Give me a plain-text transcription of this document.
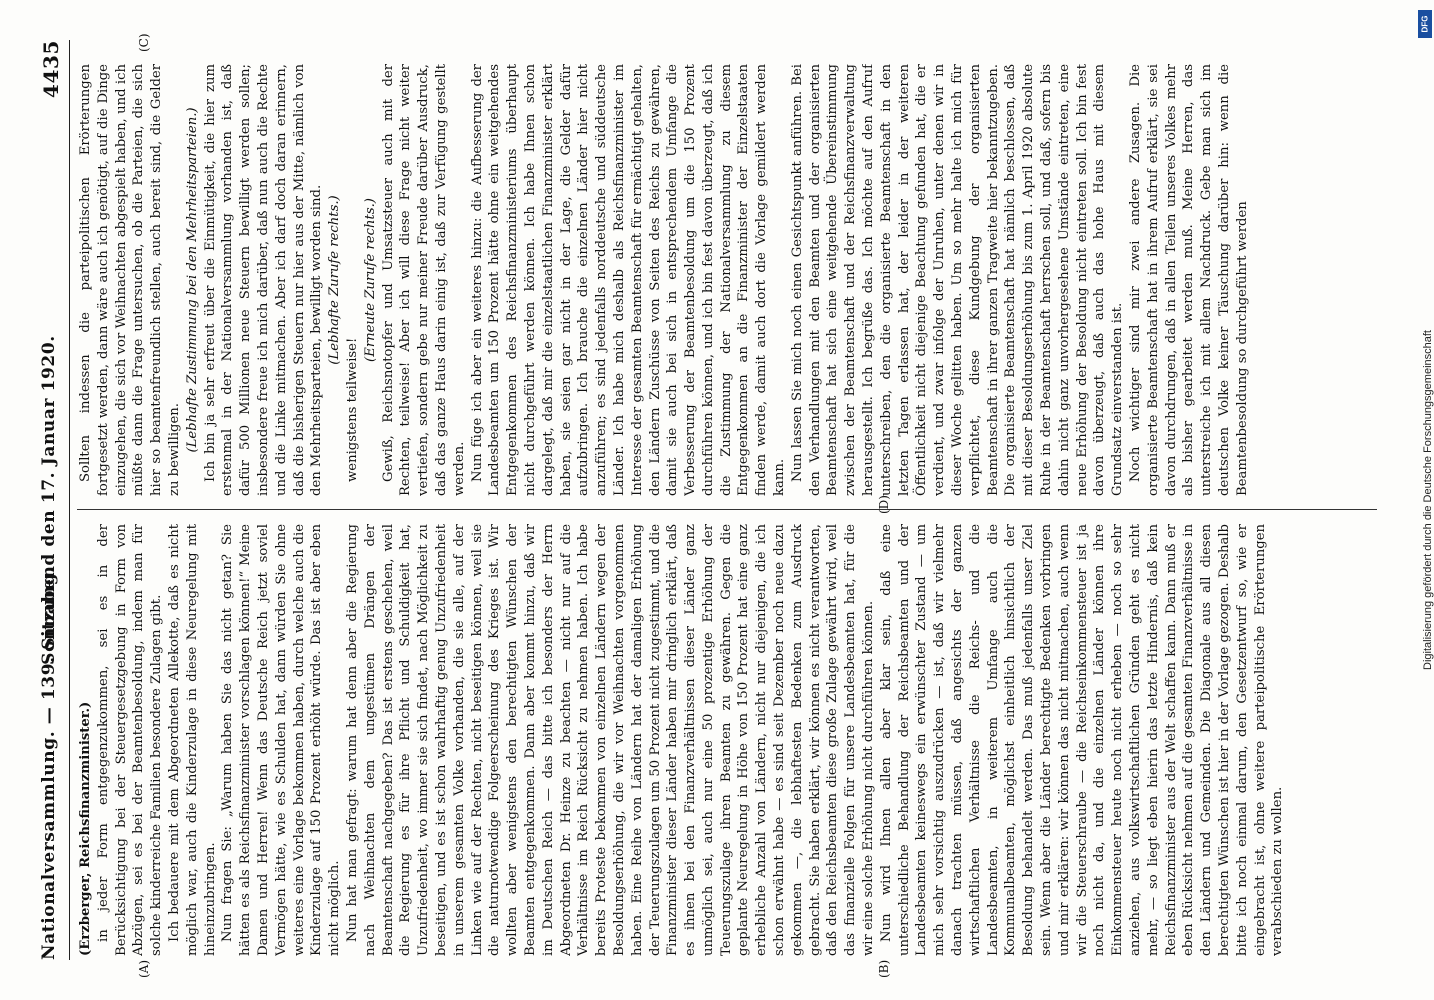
Nationalversammlung. — 139. Sitzung.
Sonnabend den 17. Januar 1920.
4435

(Erzberger, Reichsfinanzminister.) in jeder Form entgegenzukommen, sei es in der Berücksichtigung bei der Steuergesetzgebung in Form von Abzügen, sei es bei der Beamtenbesoldung, indem man für solche kinderreiche Familien besondere Zulagen gibt. Ich bedauere mit dem Abgeordneten Allekotte, daß es nicht möglich war, auch die Kinderzulage in diese Neuregelung mit hineinzubringen. Nun fragen Sie: „Warum haben Sie das nicht getan? Sie hätten es als Reichsfinanzminister vorschlagen können!“ Meine Damen und Herren! Wenn das Deutsche Reich jetzt soviel Vermögen hätte, wie es Schulden hat, dann würden Sie ohne weiteres eine Vorlage bekommen haben, durch welche auch die Kinderzulage auf 150 Prozent erhöht würde. Das ist aber eben nicht möglich. Nun hat man gefragt: warum hat denn aber die Regierung nach Weihnachten dem ungestümen Drängen der Beamtenschaft nachgegeben? Das ist erstens geschehen, weil die Regierung es für ihre Pflicht und Schuldigkeit hat, Unzufriedenheit, wo immer sie sich findet, nach Möglichkeit zu beseitigen, und es ist schon wahrhaftig genug Unzufriedenheit in unserem gesamten Volke vorhanden, die sie alle, auf der Linken wie auf der Rechten, nicht beseitigen können, weil sie die naturnotwendige Folgeerscheinung des Krieges ist. Wir wollten aber wenigstens den berechtigten Wünschen der Beamten entgegenkommen. Dann aber kommt hinzu, daß wir im Deutschen Reich — das bitte ich besonders der Herrn Abgeordneten Dr. Heinze zu beachten — nicht nur auf die Verhältnisse im Reich Rücksicht zu nehmen haben. Ich habe bereits Proteste bekommen von einzelnen Ländern wegen der Besoldungserhöhung, die wir vor Weihnachten vorgenommen haben. Eine Reihe von Ländern hat der damaligen Erhöhung der Teuerungszulagen um 50 Prozent nicht zugestimmt, und die Finanzminister dieser Länder haben mir dringlich erklärt, daß es ihnen bei den Finanzverhältnissen dieser Länder ganz unmöglich sei, auch nur eine 50 prozentige Erhöhung der Teuerungszulage ihren Beamten zu gewähren. Gegen die geplante Neuregelung in Höhe von 150 Prozent hat eine ganz erhebliche Anzahl von Ländern, nicht nur diejenigen, die ich schon erwähnt habe — es sind seit Dezember noch neue dazu gekommen —, die lebhaftesten Bedenken zum Ausdruck gebracht. Sie haben erklärt, wir können es nicht verantworten, daß den Reichsbeamten diese große Zulage gewährt wird, weil das finanzielle Folgen für unsere Landesbeamten hat, für die wir eine solche Erhöhung nicht durchführen können. Nun wird Ihnen allen aber klar sein, daß eine unterschiedliche Behandlung der Reichsbeamten und der Landesbeamten keineswegs ein erwünschter Zustand — um mich sehr vorsichtig auszudrücken — ist, daß wir vielmehr danach trachten müssen, daß angesichts der ganzen wirtschaftlichen Verhältnisse die Reichs- und die Landesbeamten, in weiterem Umfange auch die Kommunalbeamten, möglichst einheitlich hinsichtlich der Besoldung behandelt werden. Das muß jedenfalls unser Ziel sein. Wenn aber die Länder berechtigte Bedenken vorbringen und mir erklären: wir können das nicht mitmachen, auch wenn wir die Steuerschraube — die Reichseinkommensteuer ist ja noch nicht da, und die einzelnen Länder können ihre Einkommensteuer heute noch nicht erheben — noch so sehr anziehen, aus volkswirtschaftlichen Gründen geht es nicht mehr, — so liegt eben hierin das letzte Hindernis, daß kein Reichsfinanzminister aus der Welt schaffen kann. Dann muß er eben Rücksicht nehmen auf die gesamten Finanzverhältnisse in den Ländern und Gemeinden. Die Diagonale aus all diesen berechtigten Wünschen ist hier in der Vorlage gezogen. Deshalb bitte ich noch einmal darum, den Gesetzentwurf so, wie er eingebracht ist, ohne weitere parteipolitische Erörterungen verabschieden zu wollen.

Sollten indessen die parteipolitischen Erörterungen fortgesetzt werden, dann wäre auch ich genötigt, auf die Dinge einzugehen, die sich vor Weihnachten abgespielt haben, und ich müßte dann die Frage untersuchen, ob die Parteien, die sich hier so beamtenfreundlich stellen, auch bereit sind, die Gelder zu bewilligen. (Lebhafte Zustimmung bei den Mehrheitsparteien.) Ich bin ja sehr erfreut über die Einmütigkeit, die hier zum erstenmal in der Nationalversammlung vorhanden ist, daß dafür 500 Millionen neue Steuern bewilligt werden sollen; insbesondere freue ich mich darüber, daß nun auch die Rechte und die Linke mitmachen. Aber ich darf doch daran erinnern, daß die bisherigen Steuern nur hier aus der Mitte, nämlich von den Mehrheitsparteien, bewilligt worden sind. (Lebhafte Zurufe rechts.)

wenigstens teilweise!

(Erneute Zurufe rechts.) Gewiß, Reichsnotopfer und Umsatzsteuer auch mit der Rechten, teilweise! Aber ich will diese Frage nicht weiter vertiefen, sondern gebe nur meiner Freude darüber Ausdruck, daß das ganze Haus darin einig ist, daß zur Verfügung gestellt werden. Nun füge ich aber ein weiteres hinzu: die Aufbesserung der Landesbeamten um 150 Prozent hätte ohne ein weitgehendes Entgegenkommen des Reichsfinanzministeriums überhaupt nicht durchgeführt werden können. Ich habe Ihnen schon dargelegt, daß mir die einzelstaatlichen Finanzminister erklärt haben, sie seien gar nicht in der Lage, die Gelder dafür aufzubringen. Ich brauche die einzelnen Länder hier nicht anzuführen; es sind jedenfalls norddeutsche und süddeutsche Länder. Ich habe mich deshalb als Reichsfinanzminister im Interesse der gesamten Beamtenschaft für ermächtigt gehalten, den Ländern Zuschüsse von Seiten des Reichs zu gewähren, damit sie auch bei sich in entsprechendem Umfange die Verbesserung der Beamtenbesoldung um die 150 Prozent durchführen können, und ich bin fest davon überzeugt, daß ich die Zustimmung der Nationalversammlung zu diesem Entgegenkommen an die Finanzminister der Einzelstaaten finden werde, damit auch dort die Vorlage gemildert werden kann. Nun lassen Sie mich noch einen Gesichtspunkt anführen. Bei den Verhandlungen mit den Beamten und der organisierten Beamtenschaft hat sich eine weitgehende Übereinstimmung zwischen der Beamtenschaft und der Reichsfinanzverwaltung herausgestellt. Ich begrüße das. Ich möchte auf den Aufruf unterschreiben, den die organisierte Beamtenschaft in den letzten Tagen erlassen hat, der leider in der weiteren Öffentlichkeit nicht diejenige Beachtung gefunden hat, die er verdient, und zwar infolge der Unruhen, unter denen wir in dieser Woche gelitten haben. Um so mehr halte ich mich für verpflichtet, diese Kundgebung der organisierten Beamtenschaft in ihrer ganzen Tragweite hier bekanntzugeben. Die organisierte Beamtenschaft hat nämlich beschlossen, daß mit dieser Besoldungserhöhung bis zum 1. April 1920 absolute Ruhe in der Beamtenschaft herrschen soll, und daß, sofern bis dahin nicht ganz unvorhergesehene Umstände eintreten, eine neue Erhöhung der Besoldung nicht eintreten soll. Ich bin fest davon überzeugt, daß auch das hohe Haus mit diesem Grundsatz einverstanden ist. Noch wichtiger sind mir zwei andere Zusagen. Die organisierte Beamtenschaft hat in ihrem Aufruf erklärt, sie sei davon durchdrungen, daß in allen Teilen unseres Volkes mehr als bisher gearbeitet werden muß. Meine Herren, das unterstreiche ich mit allem Nachdruck. Gebe man sich im deutschen Volke keiner Täuschung darüber hin: wenn die Beamtenbesoldung so durchgeführt werden

(A)	(B)
(C)
(D)	Digitalisierung gefördert durch die Deutsche Forschungsgemeinschaft
DFG
